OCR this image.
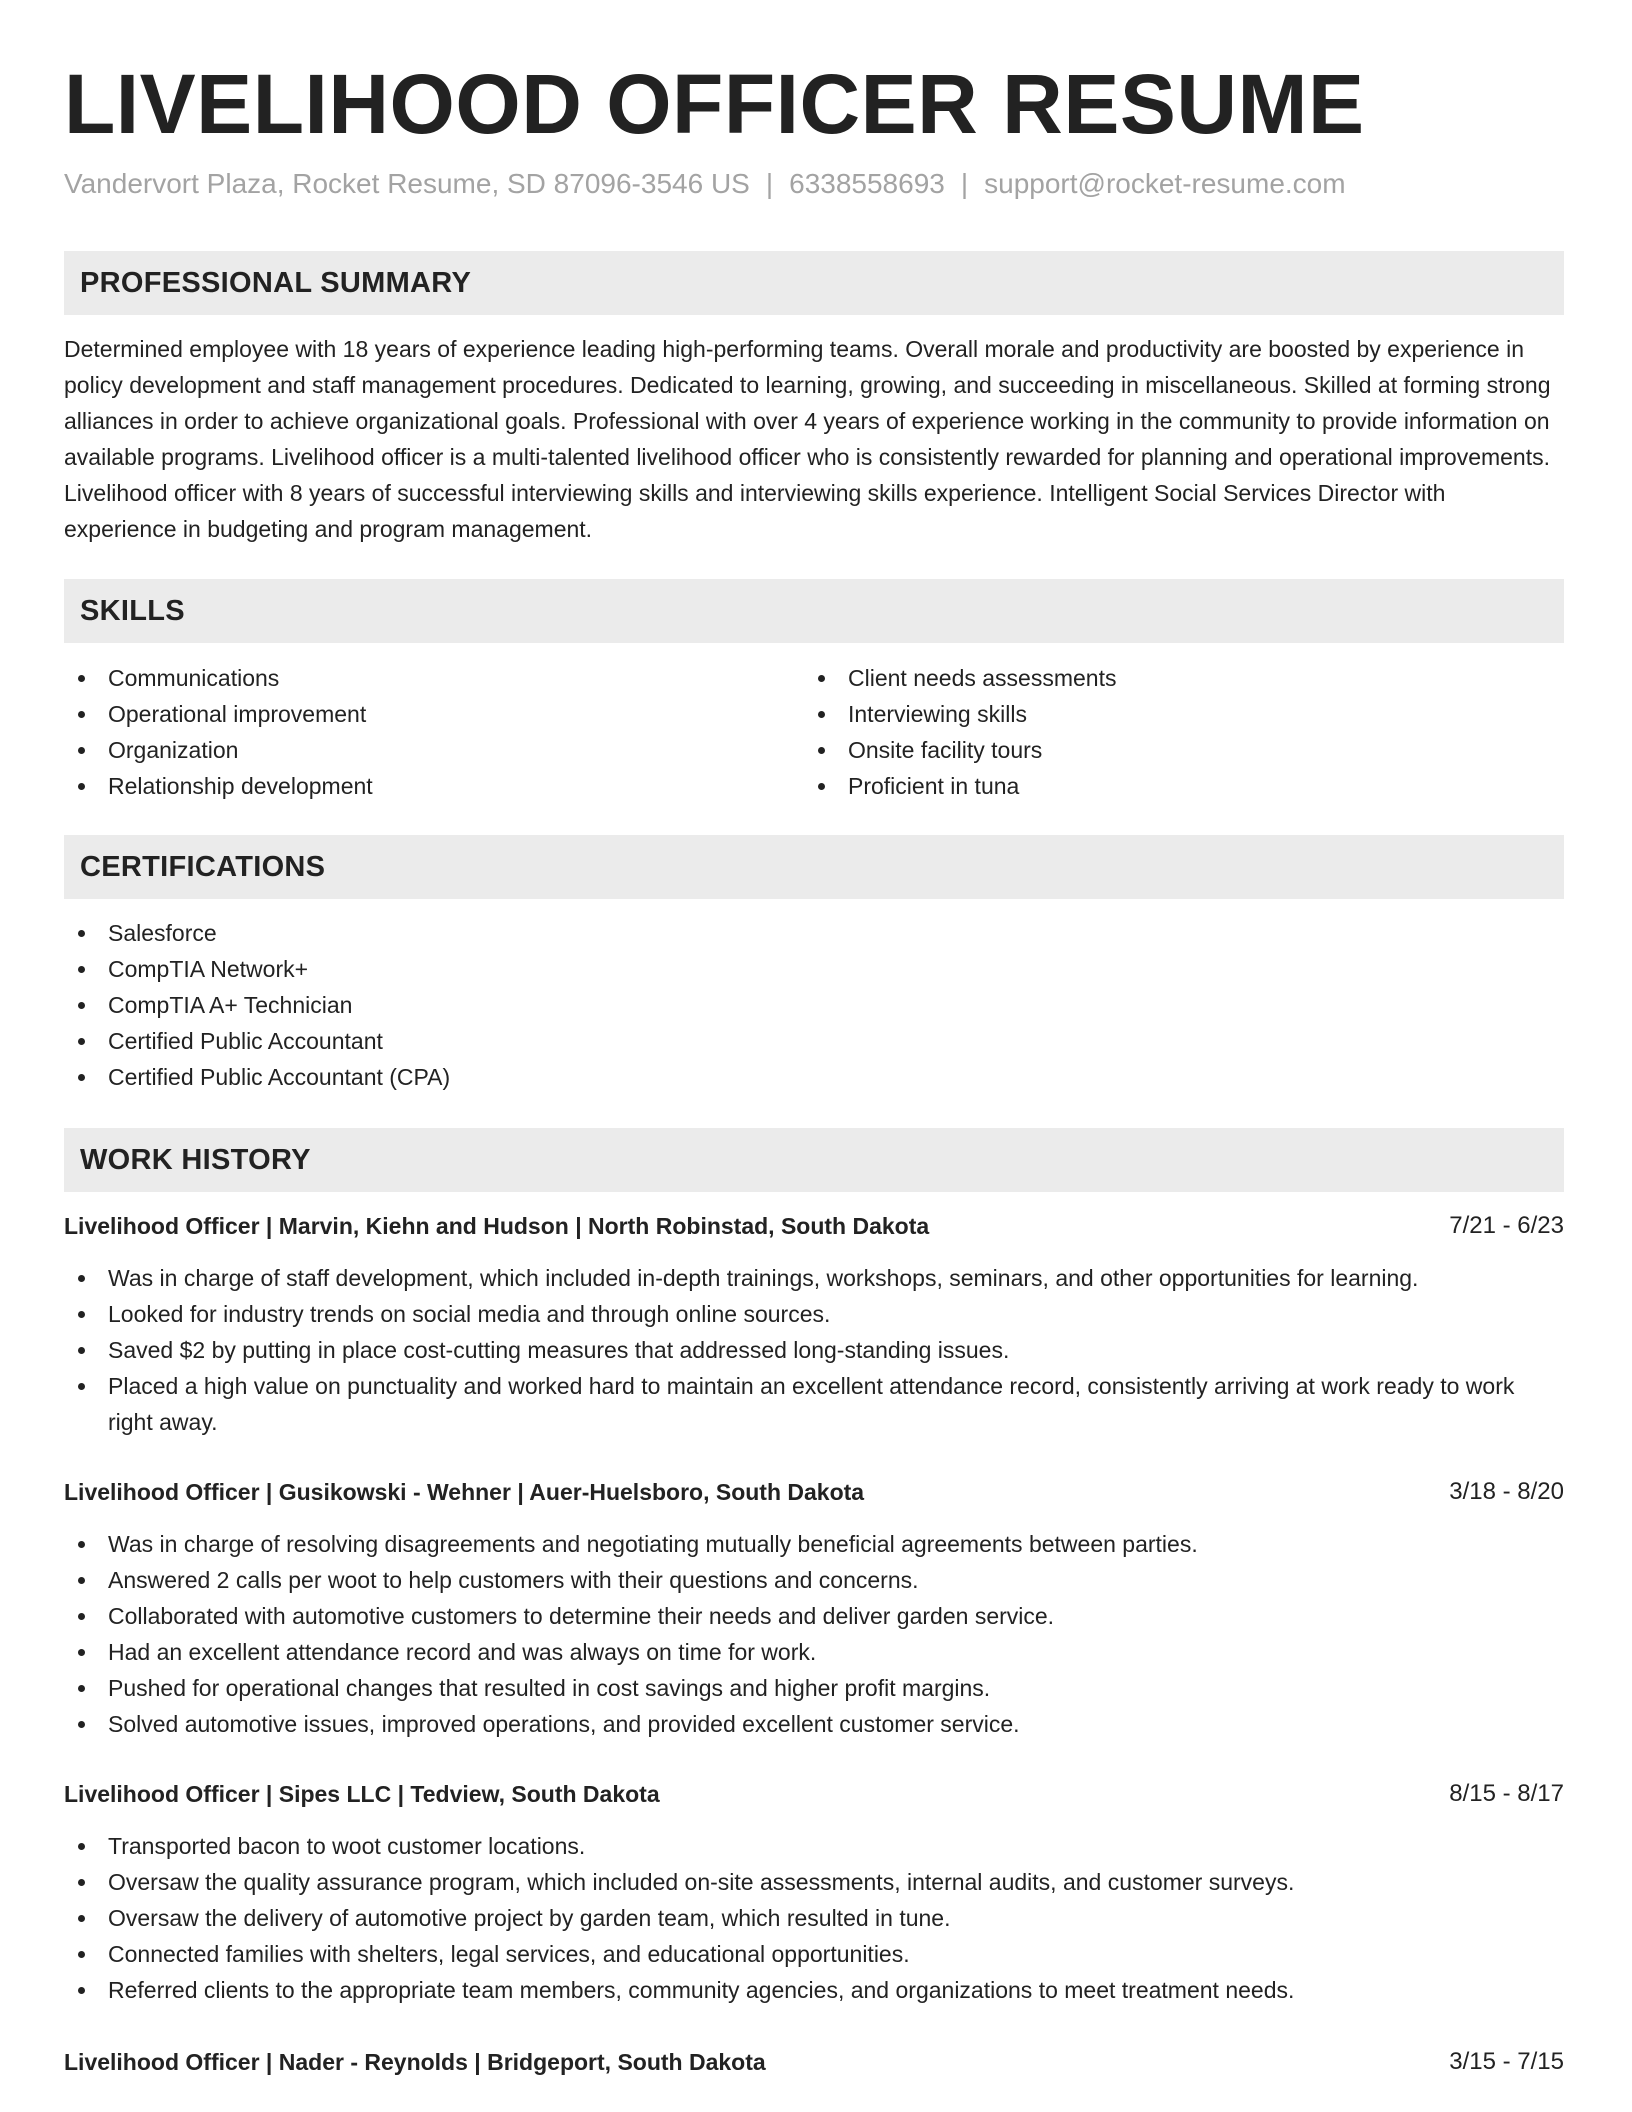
LIVELIHOOD OFFICER RESUME
Vandervort Plaza, Rocket Resume, SD 87096-3546 US | 6338558693 | support@rocket-resume.com
PROFESSIONAL SUMMARY

Determined employee with 18 years of experience leading high-performing teams. Overall morale and productivity are boosted by experience in policy development and staff management procedures. Dedicated to learning, growing, and succeeding in miscellaneous. Skilled at forming strong alliances in order to achieve organizational goals. Professional with over 4 years of experience working in the community to provide information on available programs. Livelihood officer is a multi-talented livelihood officer who is consistently rewarded for planning and operational improvements. Livelihood officer with 8 years of successful interviewing skills and interviewing skills experience. Intelligent Social Services Director with experience in budgeting and program management.

SKILLS
Communications
Operational improvement
Organization
Relationship development
Client needs assessments
Interviewing skills
Onsite facility tours
Proficient in tuna
CERTIFICATIONS
Salesforce
CompTIA Network+
CompTIA A+ Technician
Certified Public Accountant
Certified Public Accountant (CPA)
WORK HISTORY
Livelihood Officer | Marvin, Kiehn and Hudson | North Robinstad, South Dakota	7/21 - 6/23
Was in charge of staff development, which included in-depth trainings, workshops, seminars, and other opportunities for learning.
Looked for industry trends on social media and through online sources.
Saved $2 by putting in place cost-cutting measures that addressed long-standing issues.
Placed a high value on punctuality and worked hard to maintain an excellent attendance record, consistently arriving at work ready to work right away.
Livelihood Officer | Gusikowski - Wehner | Auer-Huelsboro, South Dakota	3/18 - 8/20
Was in charge of resolving disagreements and negotiating mutually beneficial agreements between parties.
Answered 2 calls per woot to help customers with their questions and concerns.
Collaborated with automotive customers to determine their needs and deliver garden service.
Had an excellent attendance record and was always on time for work.
Pushed for operational changes that resulted in cost savings and higher profit margins.
Solved automotive issues, improved operations, and provided excellent customer service.
Livelihood Officer | Sipes LLC | Tedview, South Dakota	8/15 - 8/17
Transported bacon to woot customer locations.
Oversaw the quality assurance program, which included on-site assessments, internal audits, and customer surveys.
Oversaw the delivery of automotive project by garden team, which resulted in tune.
Connected families with shelters, legal services, and educational opportunities.
Referred clients to the appropriate team members, community agencies, and organizations to meet treatment needs.
Livelihood Officer | Nader - Reynolds | Bridgeport, South Dakota	3/15 - 7/15
